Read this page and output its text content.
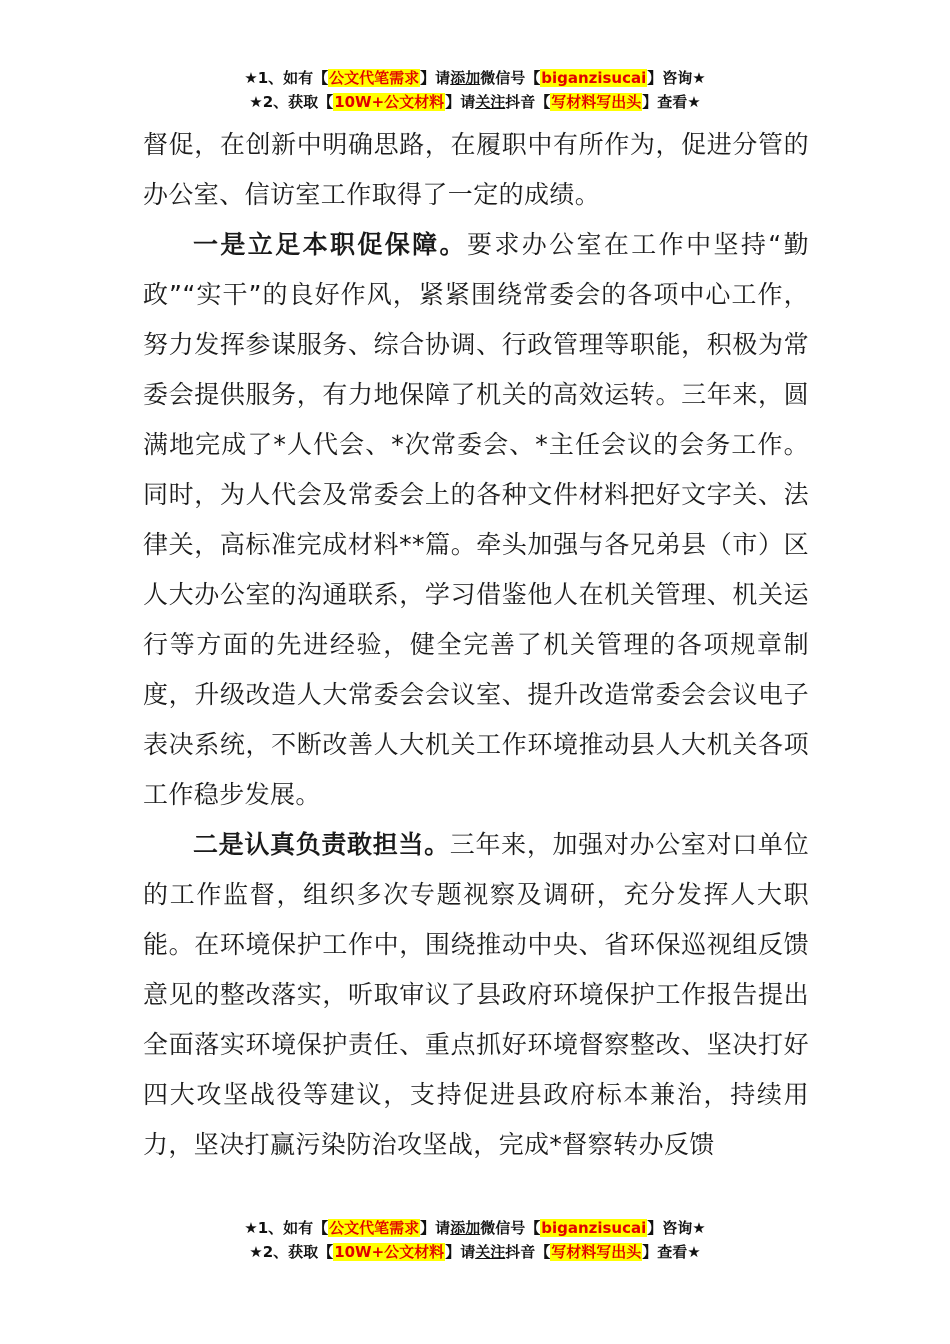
★1、如有【公文代笔需求】请添加微信号【biganzisucai】咨询★
★2、获取【10W+公文材料】请关注抖音【写材料写出头】查看★

督促，在创新中明确思路，在履职中有所作为，促进分管的办公室、信访室工作取得了一定的成绩。

一是立足本职促保障。要求办公室在工作中坚持“勤政”“实干”的良好作风，紧紧围绕常委会的各项中心工作，努力发挥参谋服务、综合协调、行政管理等职能，积极为常委会提供服务，有力地保障了机关的高效运转。三年来，圆满地完成了*人代会、*次常委会、*主任会议的会务工作。同时，为人代会及常委会上的各种文件材料把好文字关、法律关，高标准完成材料**篇。牵头加强与各兄弟县（市）区人大办公室的沟通联系，学习借鉴他人在机关管理、机关运行等方面的先进经验，健全完善了机关管理的各项规章制度，升级改造人大常委会会议室、提升改造常委会会议电子表决系统，不断改善人大机关工作环境推动县人大机关各项工作稳步发展。

二是认真负责敢担当。三年来，加强对办公室对口单位的工作监督，组织多次专题视察及调研，充分发挥人大职能。在环境保护工作中，围绕推动中央、省环保巡视组反馈意见的整改落实，听取审议了县政府环境保护工作报告提出全面落实环境保护责任、重点抓好环境督察整改、坚决打好四大攻坚战役等建议，支持促进县政府标本兼治，持续用力，坚决打赢污染防治攻坚战，完成*督察转办反馈

★1、如有【公文代笔需求】请添加微信号【biganzisucai】咨询★
★2、获取【10W+公文材料】请关注抖音【写材料写出头】查看★
